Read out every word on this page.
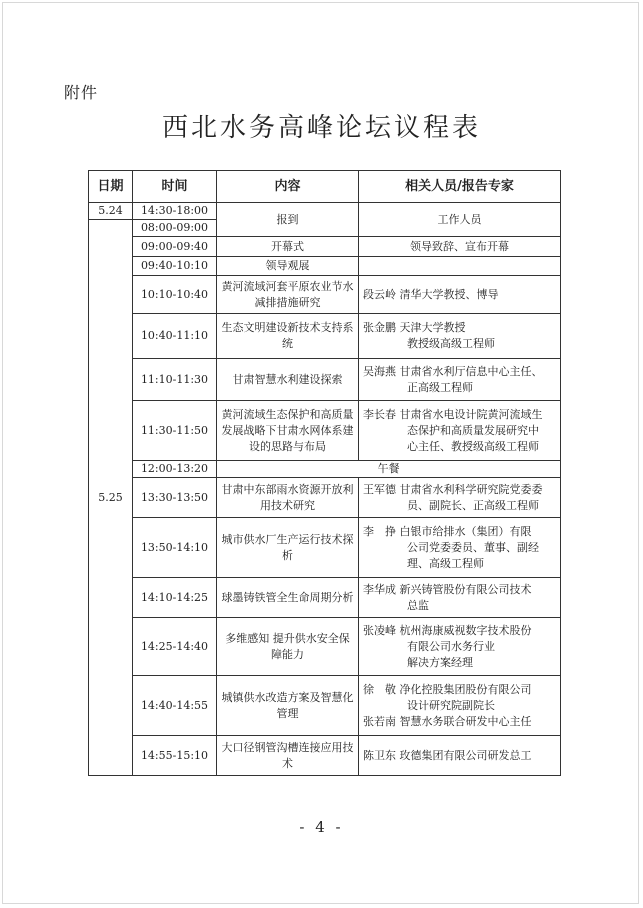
附件
西北水务高峰论坛议程表
日期	时间	内容	相关人员/报告专家
5.24	14:30-18:00	报到	工作人员

5.25	08:00-09:00		
	09:00-09:40	开幕式	领导致辞、宣布开幕

	09:40-10:10	领导观展	
	10:10-10:40	黄河流域河套平原农业节水减排措施研究	段云岭 清华大学教授、博导

	10:40-11:10	生态文明建设新技术支持系统	张金鹏 天津大学教授
教授级高级工程师

	11:10-11:30	甘肃智慧水利建设探索	吴海燕 甘肃省水利厅信息中心主任、
正高级工程师

	11:30-11:50	黄河流域生态保护和高质量发展战略下甘肃水网体系建设的思路与布局	李长春 甘肃省水电设计院黄河流域生
态保护和高质量发展研究中
心主任、教授级高级工程师

	12:00-13:20	午餐	
	13:30-13:50	甘肃中东部雨水资源开放利用技术研究	王军德 甘肃省水利科学研究院党委委
员、副院长、正高级工程师

	13:50-14:10	城市供水厂生产运行技术探析	李　挣 白银市给排水（集团）有限
公司党委委员、董事、副经
理、高级工程师

	14:10-14:25	球墨铸铁管全生命周期分析	李华成 新兴铸管股份有限公司技术
总监

	14:25-14:40	多维感知 提升供水安全保障能力	张凌峰 杭州海康威视数字技术股份
有限公司水务行业
解决方案经理

	14:40-14:55	城镇供水改造方案及智慧化管理	徐　敬 净化控股集团股份有限公司
设计研究院副院长
张若南 智慧水务联合研发中心主任

	14:55-15:10	大口径钢管沟槽连接应用技术	陈卫东 玫德集团有限公司研发总工
- 4 -
